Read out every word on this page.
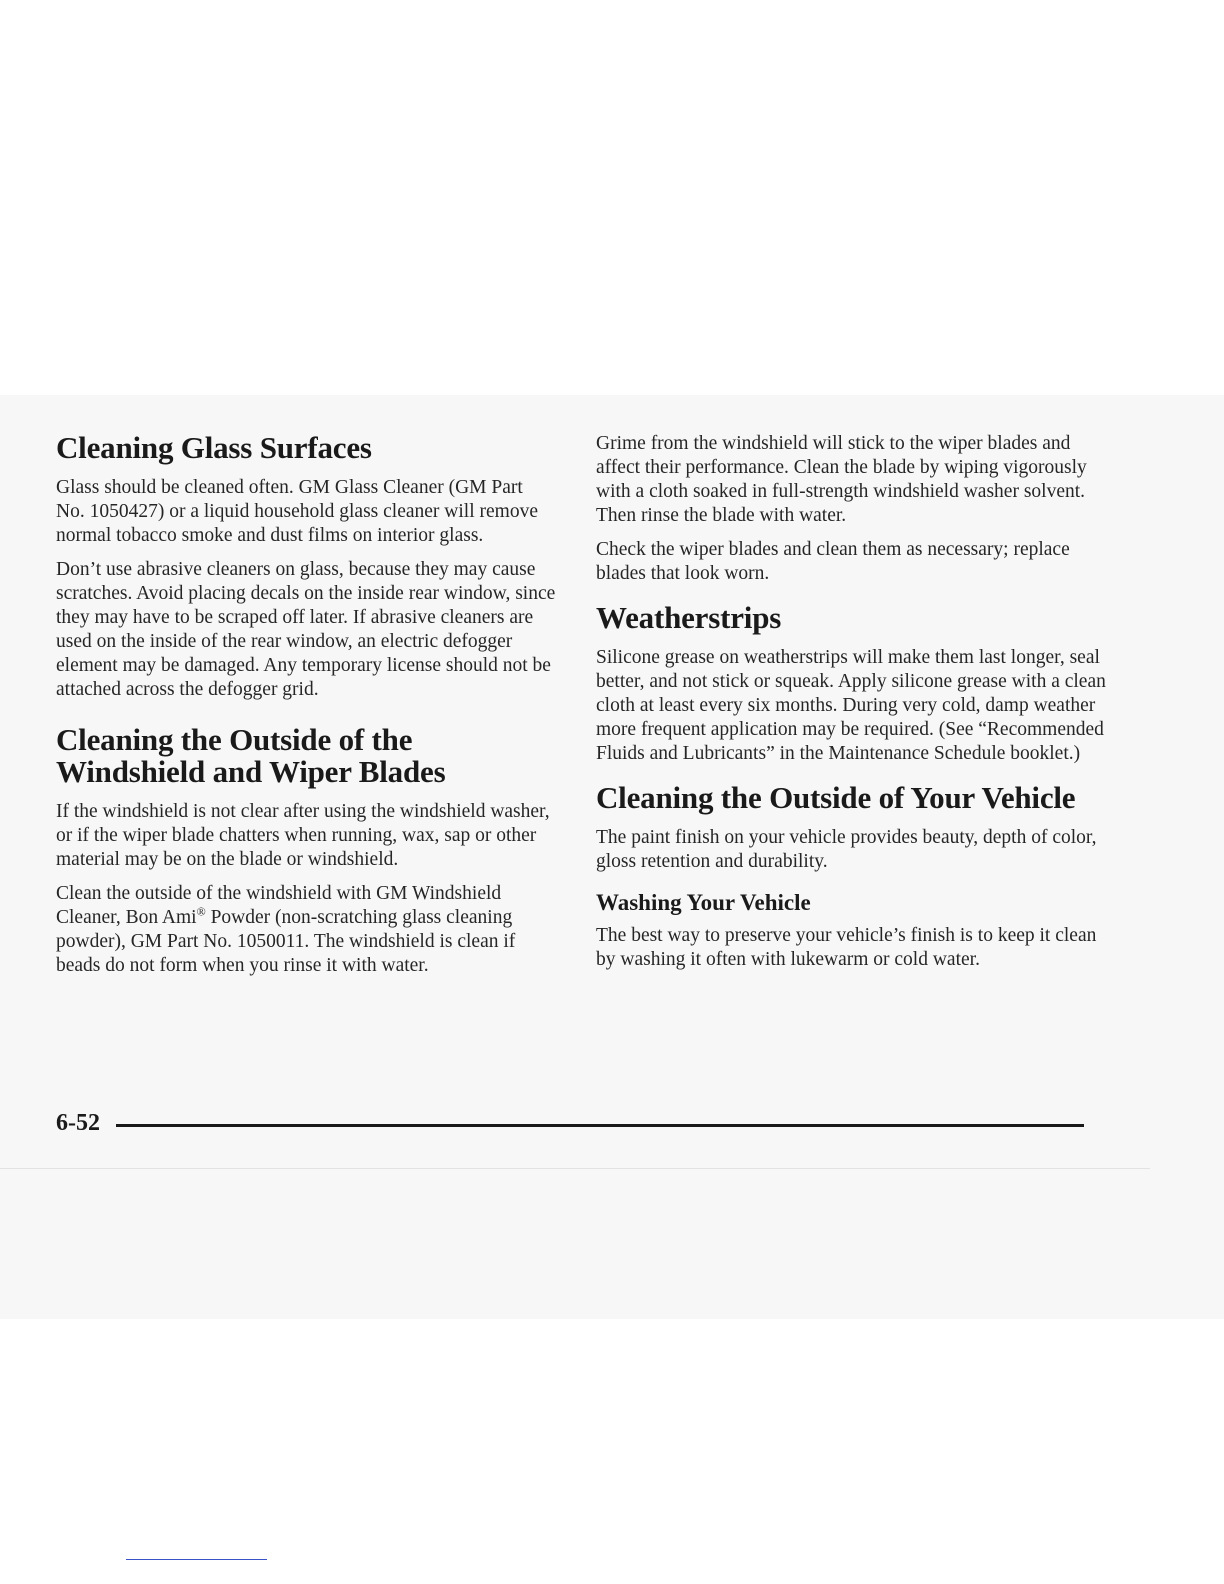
Cleaning Glass Surfaces

Glass should be cleaned often. GM Glass Cleaner (GM Part No. 1050427) or a liquid household glass cleaner will remove normal tobacco smoke and dust films on interior glass.

Don’t use abrasive cleaners on glass, because they may cause scratches. Avoid placing decals on the inside rear window, since they may have to be scraped off later. If abrasive cleaners are used on the inside of the rear window, an electric defogger element may be damaged. Any temporary license should not be attached across the defogger grid.

Cleaning the Outside of the Windshield and Wiper Blades

If the windshield is not clear after using the windshield washer, or if the wiper blade chatters when running, wax, sap or other material may be on the blade or windshield.

Clean the outside of the windshield with GM Windshield Cleaner, Bon Ami® Powder (non-scratching glass cleaning powder), GM Part No. 1050011. The windshield is clean if beads do not form when you rinse it with water.

Grime from the windshield will stick to the wiper blades and affect their performance. Clean the blade by wiping vigorously with a cloth soaked in full-strength windshield washer solvent. Then rinse the blade with water.

Check the wiper blades and clean them as necessary; replace blades that look worn.

Weatherstrips

Silicone grease on weatherstrips will make them last longer, seal better, and not stick or squeak. Apply silicone grease with a clean cloth at least every six months. During very cold, damp weather more frequent application may be required. (See “Recommended Fluids and Lubricants” in the Maintenance Schedule booklet.)

Cleaning the Outside of Your Vehicle

The paint finish on your vehicle provides beauty, depth of color, gloss retention and durability.

Washing Your Vehicle

The best way to preserve your vehicle’s finish is to keep it clean by washing it often with lukewarm or cold water.

6-52
